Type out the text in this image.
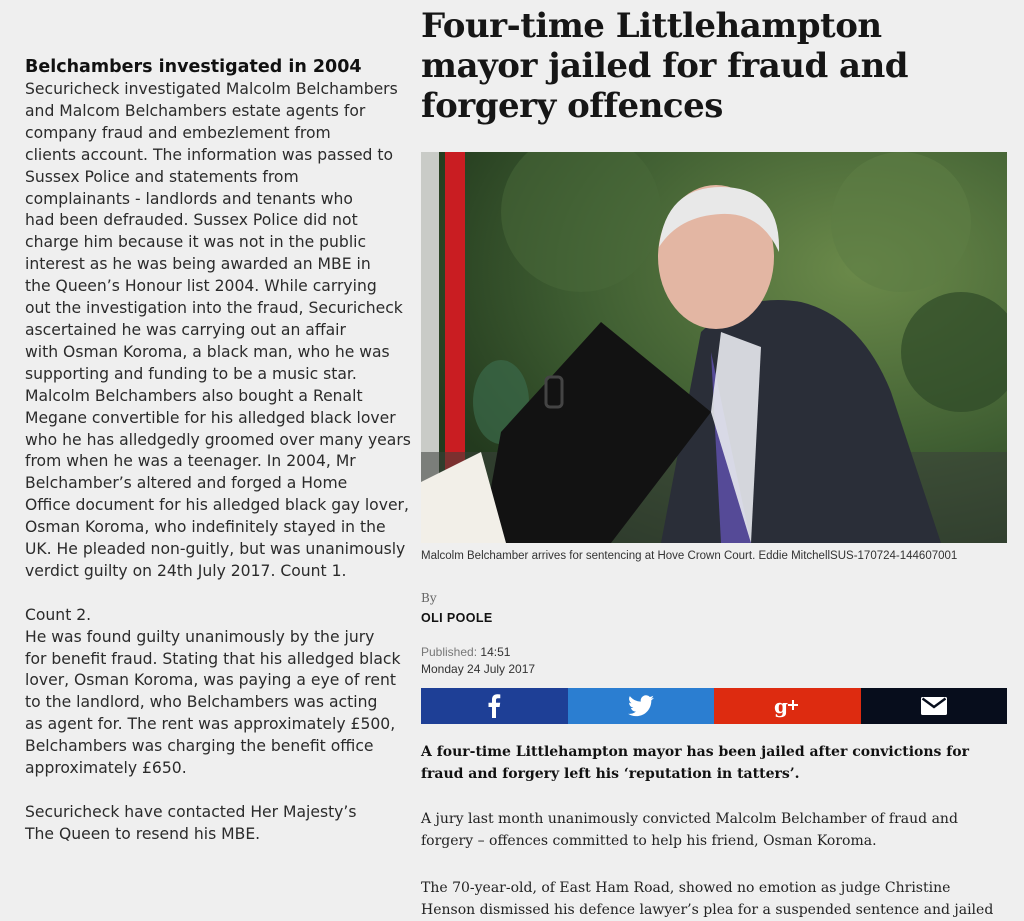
Belchambers investigated in 2004

Securicheck investigated Malcolm Belchambers
and Malcom Belchambers estate agents for
company fraud and embezlement from
clients account. The information was passed to
Sussex Police and statements from
complainants - landlords and tenants who
had been defrauded. Sussex Police did not
charge him because it was not in the public
interest as he was being awarded an MBE in
the Queen’s Honour list 2004. While carrying
out the investigation into the fraud, Securicheck
ascertained he was carrying out an affair
with Osman Koroma, a black man, who he was
supporting and funding to be a music star.
Malcolm Belchambers also bought a Renalt
Megane convertible for his alledged black lover
who he has alledgedly groomed over many years
from when he was a teenager. In 2004, Mr
Belchamber’s altered and forged a Home
Office document for his alledged black gay lover,
Osman Koroma, who indefinitely stayed in the
UK. He pleaded non-guitly, but was unanimously
verdict guilty on 24th July 2017. Count 1.

Count 2.
He was found guilty unanimously by the jury
for benefit fraud. Stating that his alledged black
lover, Osman Koroma, was paying a eye of rent
to the landlord, who Belchambers was acting
as agent for. The rent was approximately £500,
Belchambers was charging the benefit office
approximately £650.

Securicheck have contacted Her Majesty’s
The Queen to resend his MBE.

Four-time Littlehampton mayor jailed for fraud and forgery offences
Malcolm Belchamber arrives for sentencing at Hove Crown Court. Eddie MitchellSUS-170724-144607001
By
OLI POOLE
Published: 14:51
Monday 24 July 2017
g

A four-time Littlehampton mayor has been jailed after convictions for fraud and forgery left his ‘reputation in tatters’.

A jury last month unanimously convicted Malcolm Belchamber of fraud and forgery – offences committed to help his friend, Osman Koroma.

The 70-year-old, of East Ham Road, showed no emotion as judge Christine Henson dismissed his defence lawyer’s plea for a suspended sentence and jailed
